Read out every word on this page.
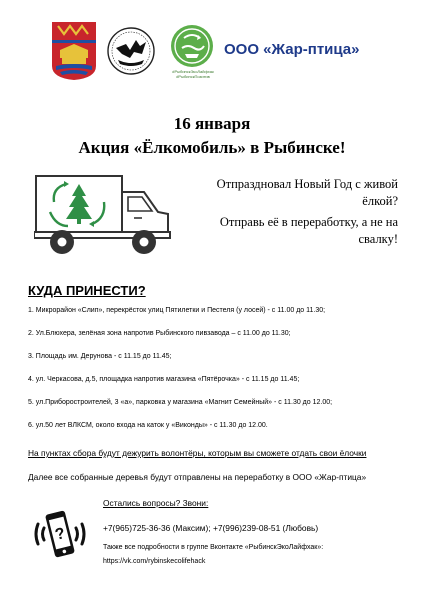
#РыбинскЭкоЛайфхак
#РыбинскПозитив
ООО «Жар-птица»
16 января
Акция «Ёлкомобиль» в Рыбинске!
Отпраздновал Новый Год с живой ёлкой?
Отправь её в переработку, а не на свалку!
КУДА ПРИНЕСТИ?
1. Микрорайон «Слип», перекрёсток улиц Пятилетки и Пестеля (у лосей) - с 11.00 до 11.30;
2. Ул.Блюхера, зелёная зона напротив Рыбинского пивзавода – с 11.00 до 11.30;
3. Площадь им. Дерунова - с 11.15 до 11.45;
4. ул. Черкасова, д.5, площадка напротив магазина «Пятёрочка» - с 11.15 до 11.45;
5. ул.Приборостроителей, 3 «а», парковка у магазина «Магнит Семейный» - с 11.30 до 12.00;
6. ул.50 лет ВЛКСМ, около входа на каток у «Виконды» - с 11.30 до 12.00.
На пунктах сбора будут дежурить волонтёры, которым вы сможете отдать свои ёлочки
Далее все собранные деревья будут отправлены на переработку в ООО «Жар-птица»
?
Остались вопросы? Звони:
+7(965)725-36-36 (Максим); +7(996)239-08-51 (Любовь)
Также все подробности в группе Вконтакте «РыбинскЭкоЛайфхак»:
https://vk.com/rybinskecolifehack
